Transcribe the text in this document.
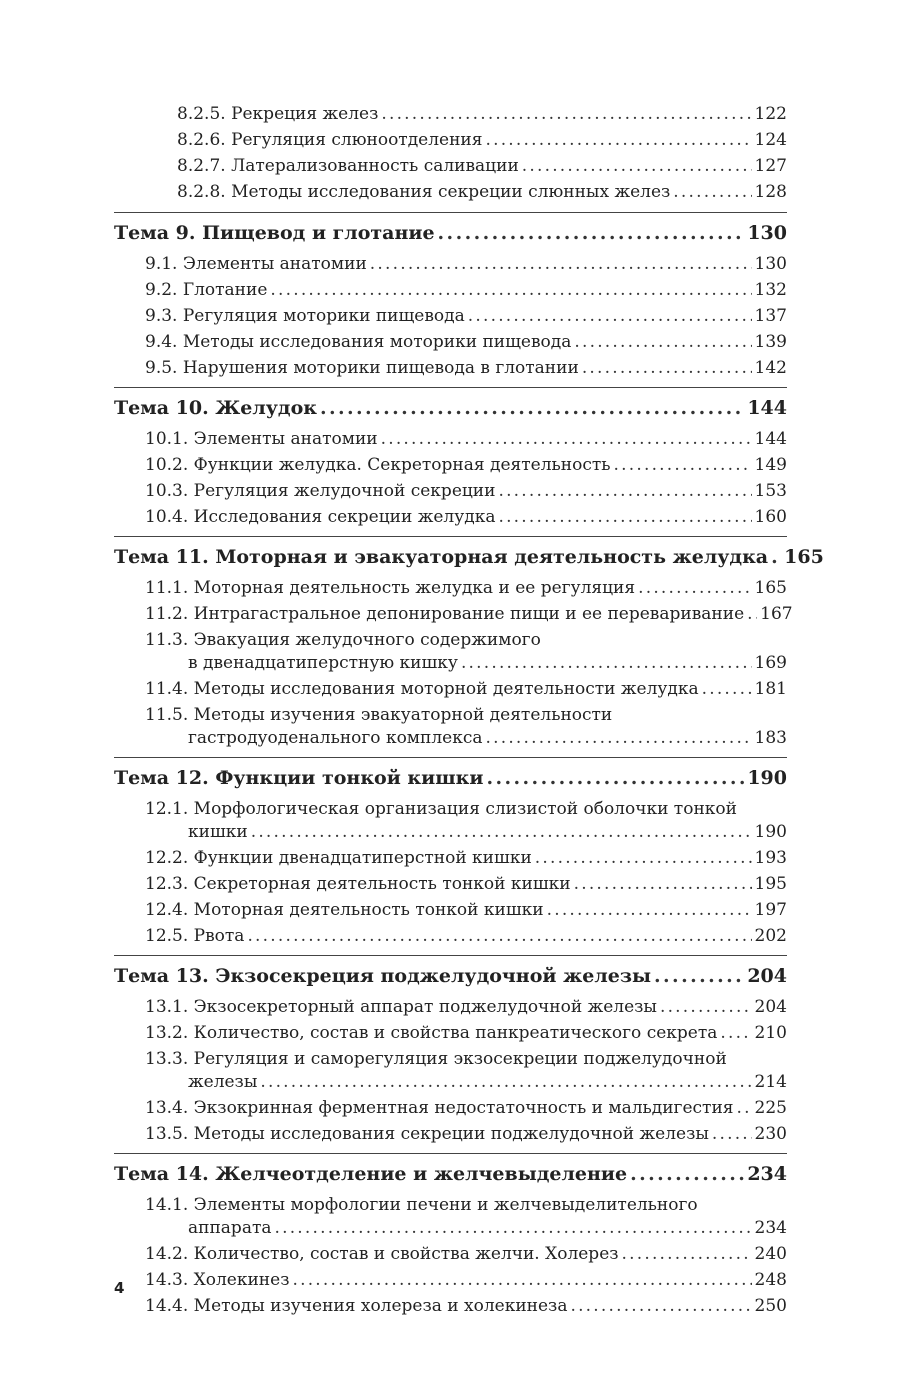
8.2.5. Рекреция желез .....	122
8.2.6. Регуляция слюноотделения .....	124
8.2.7. Латерализованность саливации .....	127
8.2.8. Методы исследования секреции слюнных желез .....	128
Тема 9. Пищевод и глотание .....	130
9.1. Элементы анатомии .....	130
9.2. Глотание .....	132
9.3. Регуляция моторики пищевода .....	137
9.4. Методы исследования моторики пищевода .....	139
9.5. Нарушения моторики пищевода в глотании .....	142
Тема 10. Желудок .....	144
10.1. Элементы анатомии .....	144
10.2. Функции желудка. Секреторная деятельность .....	149
10.3. Регуляция желудочной секреции .....	153
10.4. Исследования секреции желудка .....	160
Тема 11. Моторная и эвакуаторная деятельность желудка ..... 165
11.1. Моторная деятельность желудка и ее регуляция .....	165
11.2. Интрагастральное депонирование пищи и ее переваривание ..... 167
11.3. Эвакуация желудочного содержимого
в двенадцатиперстную кишку .....	169
11.4. Методы исследования моторной деятельности желудка .....	181
11.5. Методы изучения эвакуаторной деятельности
гастродуоденального комплекса .....	183
Тема 12. Функции тонкой кишки .....	190
12.1. Морфологическая организация слизистой оболочки тонкой
кишки .....	190
12.2. Функции двенадцатиперстной кишки .....	193
12.3. Секреторная деятельность тонкой кишки .....	195
12.4. Моторная деятельность тонкой кишки .....	197
12.5. Рвота .....	202
Тема 13. Экзосекреция поджелудочной железы .....	204
13.1. Экзосекреторный аппарат поджелудочной железы .....	204
13.2. Количество, состав и свойства панкреатического секрета ..... 210
13.3. Регуляция и саморегуляция экзосекреции поджелудочной
железы .....	214
13.4. Экзокринная ферментная недостаточность и мальдигестия ..... 225
13.5. Методы исследования секреции поджелудочной железы .....	230
Тема 14. Желчеотделение и желчевыделение .....	234
14.1. Элементы морфологии печени и желчевыделительного
аппарата .....	234
14.2. Количество, состав и свойства желчи. Холерез .....	240
14.3. Холекинез .....	248
14.4. Методы изучения холереза и холекинеза .....	250
4
